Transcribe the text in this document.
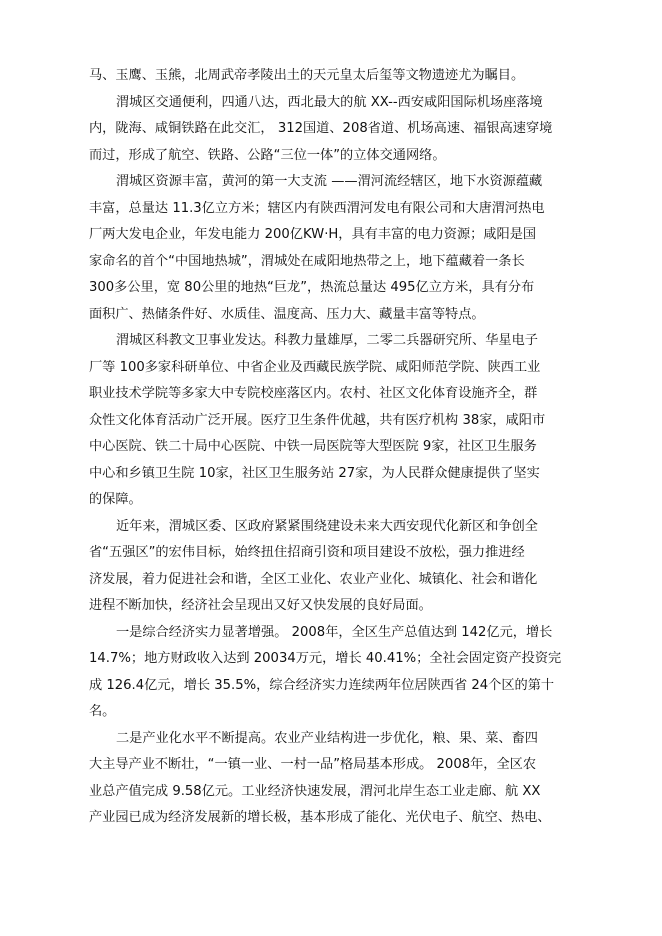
马、玉鹰、玉熊，北周武帝孝陵出土的天元皇太后玺等文物遗迹尤为瞩目。
渭城区交通便利，四通八达，西北最大的航 XX--西安咸阳国际机场座落境
内，陇海、咸铜铁路在此交汇， 312国道、208省道、机场高速、福银高速穿境
而过，形成了航空、铁路、公路“三位一体”的立体交通网络。
渭城区资源丰富，黄河的第一大支流 ——渭河流经辖区，地下水资源蕴藏
丰富，总量达 11.3亿立方米；辖区内有陕西渭河发电有限公司和大唐渭河热电
厂两大发电企业，年发电能力 200亿KW·H，具有丰富的电力资源；咸阳是国
家命名的首个“中国地热城”，渭城处在咸阳地热带之上，地下蕴藏着一条长
300多公里，宽 80公里的地热“巨龙”，热流总量达 495亿立方米，具有分布
面积广、热储条件好、水质佳、温度高、压力大、藏量丰富等特点。
渭城区科教文卫事业发达。科教力量雄厚，二零二兵器研究所、华星电子
厂等 100多家科研单位、中省企业及西藏民族学院、咸阳师范学院、陕西工业
职业技术学院等多家大中专院校座落区内。农村、社区文化体育设施齐全，群
众性文化体育活动广泛开展。医疗卫生条件优越，共有医疗机构 38家，咸阳市
中心医院、铁二十局中心医院、中铁一局医院等大型医院 9家，社区卫生服务
中心和乡镇卫生院 10家，社区卫生服务站 27家，为人民群众健康提供了坚实
的保障。
近年来，渭城区委、区政府紧紧围绕建设未来大西安现代化新区和争创全
省“五强区”的宏伟目标，始终扭住招商引资和项目建设不放松，强力推进经
济发展，着力促进社会和谐，全区工业化、农业产业化、城镇化、社会和谐化
进程不断加快，经济社会呈现出又好又快发展的良好局面。
一是综合经济实力显著增强。 2008年，全区生产总值达到 142亿元，增长
14.7%；地方财政收入达到 20034万元，增长 40.41%；全社会固定资产投资完
成 126.4亿元，增长 35.5%，综合经济实力连续两年位居陕西省 24个区的第十
名。
二是产业化水平不断提高。农业产业结构进一步优化，粮、果、菜、畜四
大主导产业不断壮，“一镇一业、一村一品”格局基本形成。 2008年，全区农
业总产值完成 9.58亿元。工业经济快速发展，渭河北岸生态工业走廊、航 XX
产业园已成为经济发展新的增长极，基本形成了能化、光伏电子、航空、热电、
